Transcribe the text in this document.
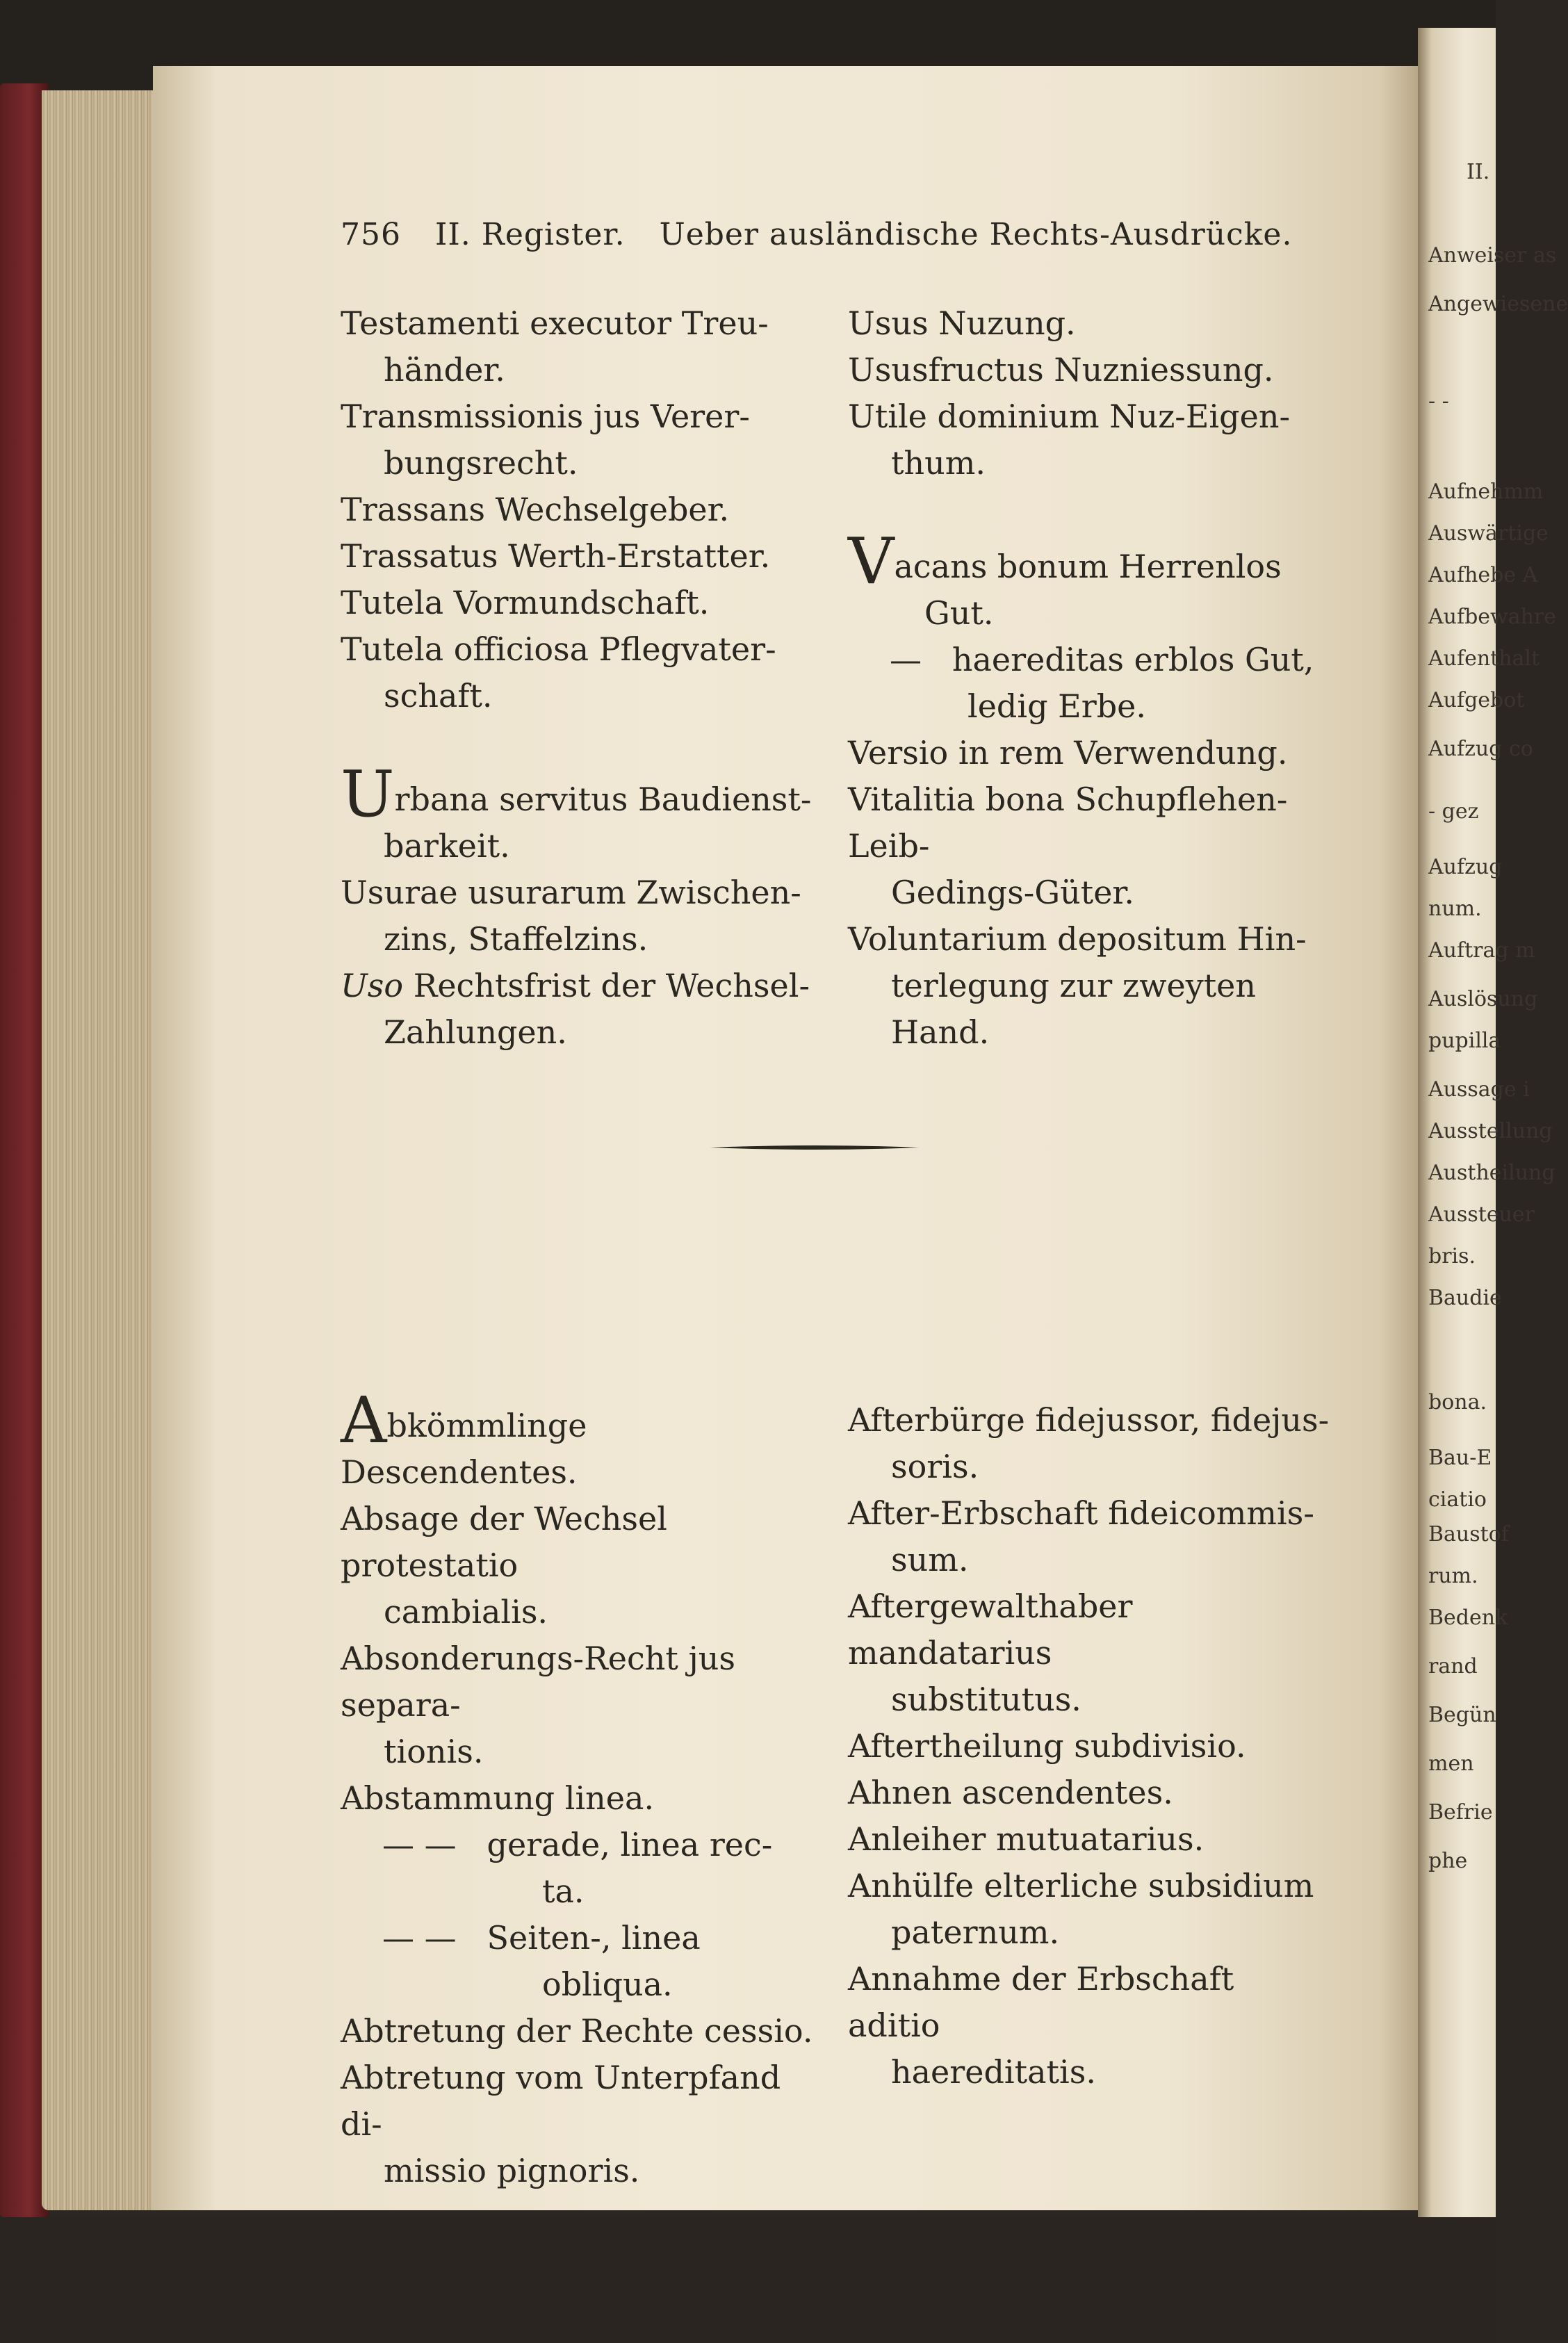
756 II. Register. Ueber ausländische Rechts-Ausdrücke.

Testamenti executor Treu-
händer.

Transmissionis jus Verer-
bungsrecht.

Trassans Wechselgeber.

Trassatus Werth-Erstatter.

Tutela Vormundschaft.

Tutela officiosa Pflegvater-
schaft.

Urbana servitus Baudienst-
barkeit.

Usurae usurarum Zwischen-
zins, Staffelzins.

Uso Rechtsfrist der Wechsel-
Zahlungen.

Usus Nuzung.

Ususfructus Nuzniessung.

Utile dominium Nuz-Eigen-
thum.

Vacans bonum Herrenlos
Gut.

— haereditas erblos Gut,
ledig Erbe.

Versio in rem Verwendung.

Vitalitia bona Schupflehen-Leib-
Gedings-Güter.

Voluntarium depositum Hin-
terlegung zur zweyten Hand.

Abkömmlinge Descendentes.

Absage der Wechsel protestatio
cambialis.

Absonderungs-Recht jus separa-
tionis.

Abstammung linea.

— — gerade, linea rec-
ta.

— — Seiten-, linea
obliqua.

Abtretung der Rechte cessio.

Abtretung vom Unterpfand di-
missio pignoris.

Afterbürge fidejussor, fidejus-
soris.

After-Erbschaft fideicommis-
sum.

Aftergewalthaber mandatarius
substitutus.

Aftertheilung subdivisio.

Ahnen ascendentes.

Anleiher mutuatarius.

Anhülfe elterliche subsidium
paternum.

Annahme der Erbschaft aditio
haereditatis.

II.
Anweiser as
Angewiesene
- -
Aufnehmm
Auswärtige
Aufhebe A
Aufbewahre
Aufenthalt
Aufgebot
Aufzug co
- gez
Aufzug
num.
Auftrag m
Auslösung
pupilla
Aussage i
Ausstellung
Austheilung
Aussteuer
bris.
Baudie
bona.
Bau-E
ciatio
Baustof
rum.
Bedenk
rand
Begün
men
Befrie
phe
